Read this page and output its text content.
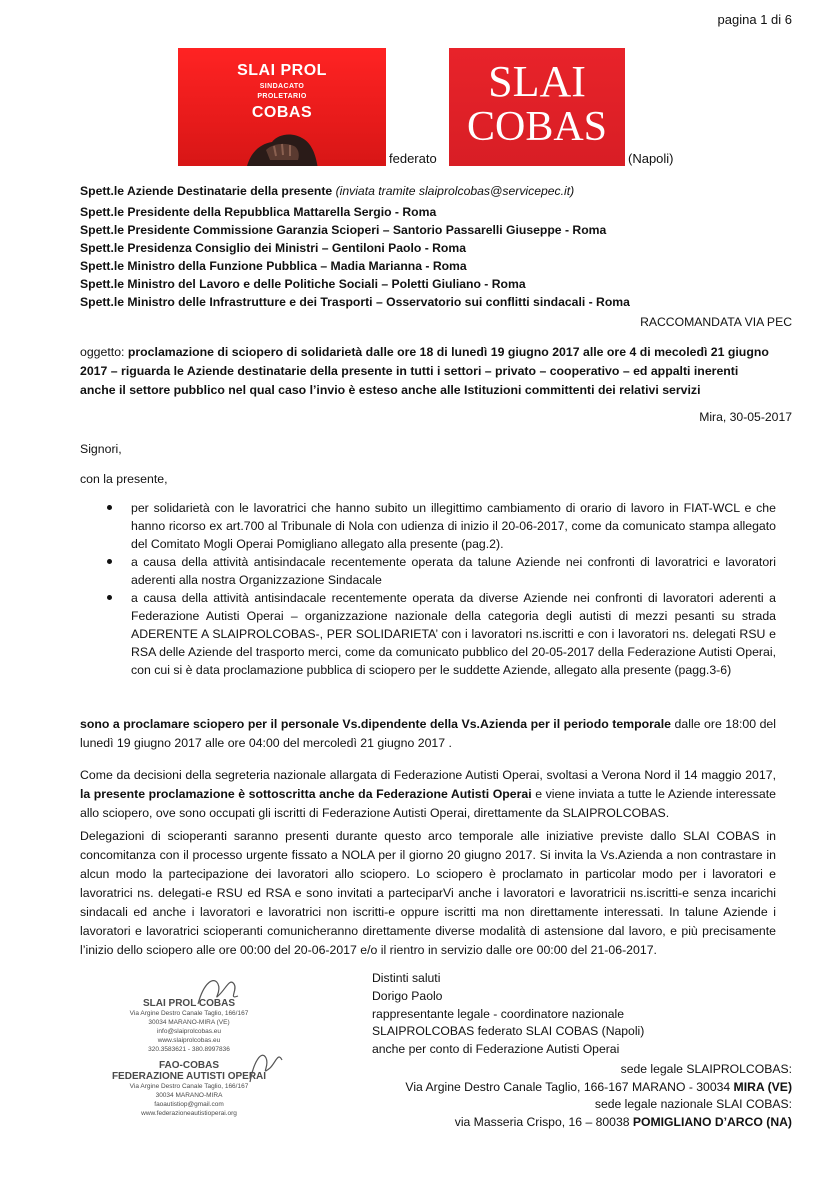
pagina 1 di 6
SLAI PROL
SINDACATO
PROLETARIO
COBAS
federato
SLAI
COBAS
(Napoli)
Spett.le Aziende Destinatarie della presente (inviata tramite slaiprolcobas@servicepec.it)
Spett.le Presidente della Repubblica Mattarella Sergio - Roma
Spett.le Presidente Commissione Garanzia Scioperi – Santorio Passarelli Giuseppe - Roma
Spett.le Presidenza Consiglio dei Ministri – Gentiloni Paolo - Roma
Spett.le Ministro della Funzione Pubblica – Madia Marianna - Roma
Spett.le Ministro del Lavoro e delle Politiche Sociali – Poletti Giuliano - Roma
Spett.le Ministro delle Infrastrutture e dei Trasporti – Osservatorio sui conflitti sindacali - Roma
RACCOMANDATA VIA PEC
oggetto: proclamazione di sciopero di solidarietà dalle ore 18 di lunedì 19 giugno 2017 alle ore 4 di mecoledì 21 giugno 2017 – riguarda le Aziende destinatarie della presente in tutti i settori – privato – cooperativo – ed appalti inerenti anche il settore pubblico nel qual caso l’invio è esteso anche alle Istituzioni committenti dei relativi servizi
Mira, 30-05-2017
Signori,
con la presente,
per solidarietà con le lavoratrici che hanno subito un illegittimo cambiamento di orario di lavoro in FIAT-WCL e che hanno ricorso ex art.700 al Tribunale di Nola con udienza di inizio il 20-06-2017, come da comunicato stampa allegato del Comitato Mogli Operai Pomigliano allegato alla presente (pag.2).
a causa della attività antisindacale recentemente operata da talune Aziende nei confronti di lavoratrici e lavoratori aderenti alla nostra Organizzazione Sindacale
a causa della attività antisindacale recentemente operata da diverse Aziende nei confronti di lavoratori aderenti a Federazione Autisti Operai – organizzazione nazionale della categoria degli autisti di mezzi pesanti su strada ADERENTE A SLAIPROLCOBAS-, PER SOLIDARIETA’ con i lavoratori ns.iscritti e con i lavoratori ns. delegati RSU e RSA delle Aziende del trasporto merci, come da comunicato pubblico del 20-05-2017 della Federazione Autisti Operai, con cui si è data proclamazione pubblica di sciopero per le suddette Aziende, allegato alla presente (pagg.3-6)
sono a proclamare sciopero per il personale Vs.dipendente della Vs.Azienda per il periodo temporale dalle ore 18:00 del lunedì 19 giugno 2017 alle ore 04:00 del mercoledì 21 giugno 2017 .
Come da decisioni della segreteria nazionale allargata di Federazione Autisti Operai, svoltasi a Verona Nord il 14 maggio 2017, la presente proclamazione è sottoscritta anche da Federazione Autisti Operai e viene inviata a tutte le Aziende interessate allo sciopero, ove sono occupati gli iscritti di Federazione Autisti Operai, direttamente da SLAIPROLCOBAS.
Delegazioni di scioperanti saranno presenti durante questo arco temporale alle iniziative previste dallo SLAI COBAS in concomitanza con il processo urgente fissato a NOLA per il giorno 20 giugno 2017. Si invita la Vs.Azienda a non contrastare in alcun modo la partecipazione dei lavoratori allo sciopero. Lo sciopero è proclamato in particolar modo per i lavoratori e lavoratrici ns. delegati-e RSU ed RSA e sono invitati a parteciparVi anche i lavoratori e lavoratricii ns.iscritti-e senza incarichi sindacali ed anche i lavoratori e lavoratrici non iscritti-e oppure iscritti ma non direttamente interessati. In talune Aziende i lavoratori e lavoratrici scioperanti comunicheranno direttamente diverse modalità di astensione dal lavoro, e più precisamente l’inizio dello sciopero alle ore 00:00 del 20-06-2017 e/o il rientro in servizio dalle ore 00:00 del 21-06-2017.
Distinti saluti
Dorigo Paolo
rappresentante legale - coordinatore nazionale
SLAIPROLCOBAS federato SLAI COBAS (Napoli)
anche per conto di Federazione Autisti Operai
sede legale SLAIPROLCOBAS:
Via Argine Destro Canale Taglio, 166-167 MARANO - 30034 MIRA (VE)
sede legale nazionale SLAI COBAS:
via Masseria Crispo, 16 – 80038 POMIGLIANO D’ARCO (NA)
SLAI PROL COBAS
Via Argine Destro Canale Taglio, 166/167
30034 MARANO-MIRA (VE)
info@slaiprolcobas.eu
www.slaiprolcobas.eu
320.3583621 - 380.8997836
FAO-COBAS
FEDERAZIONE AUTISTI OPERAI
Via Argine Destro Canale Taglio, 166/167
30034 MARANO-MIRA
faoautistiop@gmail.com
www.federazioneautistioperai.org
